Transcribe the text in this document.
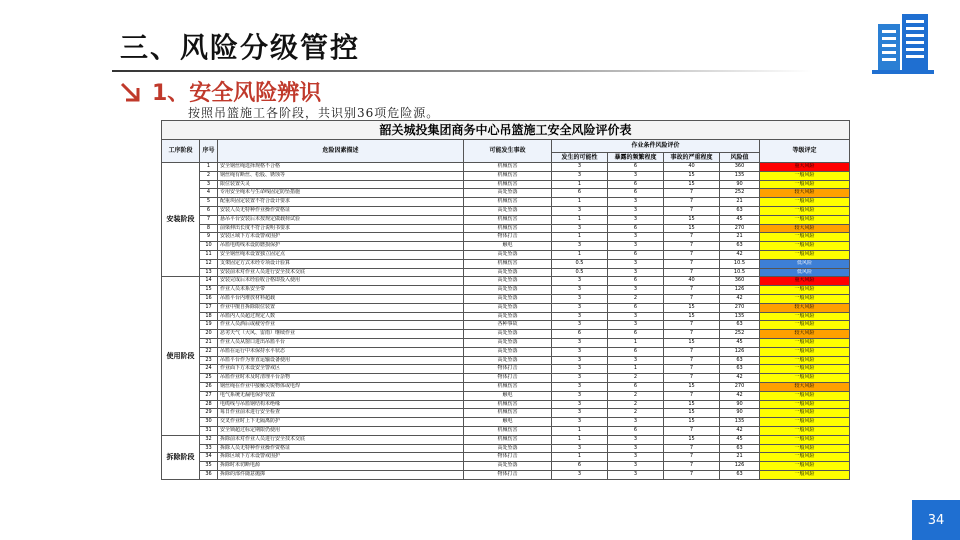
三、风险分级管控
1、安全风险辨识
按照吊篮施工各阶段，共识别36项危险源。
韶关城投集团商务中心吊篮施工安全风险评价表								
工序阶段	序号	危险因素描述	可能发生事故	作业条件风险评价				等级评定
				发生的可能性	暴露的频繁程度	事故的严重程度	风险值	
安装阶段	1	安全钢丝绳选择规格不合格	机械伤害	3	6	40	360	重大风险
	2	钢丝绳有断丝、松股、锈蚀等	机械伤害	3	3	15	135	一般风险
	3	限位装置失灵	机械伤害	1	6	15	90	一般风险
	4	专用安全绳未与生命线固定防坠措施	高处坠落	6	6	7	252	较大风险
	5	配重块固定装置不符合设计要求	机械伤害	1	3	7	21	一般风险
	6	安装人员无特种作业操作资格证	高处坠落	3	3	7	63	一般风险
	7	悬吊平台安装后未按规定做载荷试验	机械伤害	1	3	15	45	一般风险
	8	前梁伸出长度不符合说明书要求	机械伤害	3	6	15	270	较大风险
	9	安装区域下方未设警戒围护	物体打击	1	3	7	21	一般风险
	10	吊篮电缆线未设防磨损保护	触电	3	3	7	63	一般风险
	11	安全钢丝绳未设置独立固定点	高处坠落	1	6	7	42	一般风险
	12	支架固定方式未经专项设计验算	机械伤害	0.5	3	7	10.5	低风险
	13	安装前未对作业人员进行安全技术交底	高处坠落	0.5	3	7	10.5	低风险
使用阶段	14	安装完成后未经验收合格即投入使用	高处坠落	3	6	40	360	重大风险
	15	作业人员未系安全带	高处坠落	3	3	7	126	一般风险
	16	吊篮平台内堆放材料超载	高处坠落	3	2	7	42	一般风险
	17	作业中擅自拆除限位装置	高处坠落	3	6	15	270	较大风险
	18	吊篮内人员超过规定人数	高处坠落	3	3	15	135	一般风险
	19	作业人员酒后或疲劳作业	各种事故	3	3	7	63	一般风险
	20	恶劣天气（大风、雷雨）继续作业	高处坠落	6	6	7	252	较大风险
	21	作业人员从窗口进出吊篮平台	高处坠落	3	1	15	45	一般风险
	22	吊篮在运行中未保持水平状态	高处坠落	3	6	7	126	一般风险
	23	吊篮平台作为垂直运输设备使用	高处坠落	3	3	7	63	一般风险
	24	作业面下方未设安全警戒区	物体打击	3	1	7	63	一般风险
	25	吊篮作业时未及时清理平台杂物	物体打击	3	2	7	42	一般风险
	26	钢丝绳在作业中接触尖锐物体或电焊	机械伤害	3	6	15	270	较大风险
	27	电气系统无漏电保护装置	触电	3	2	7	42	一般风险
	28	电缆线与吊篮钢结构未绝缘	机械伤害	3	2	15	90	一般风险
	29	每日作业前未进行安全检查	机械伤害	3	2	15	90	一般风险
	30	交叉作业时上下无隔离防护	触电	3	3	15	135	一般风险
	31	安全锁超过标定期限仍使用	机械伤害	1	6	7	42	一般风险
拆除阶段	32	拆除前未对作业人员进行安全技术交底	机械伤害	1	3	15	45	一般风险
	33	拆除人员无特种作业操作资格证	高处坠落	3	3	7	63	一般风险
	34	拆除区域下方未设警戒围护	物体打击	1	3	7	21	一般风险
	35	拆除时未切断电源	高处坠落	6	3	7	126	一般风险
	36	拆除的部件随意抛掷	物体打击	3	3	7	63	一般风险
34
